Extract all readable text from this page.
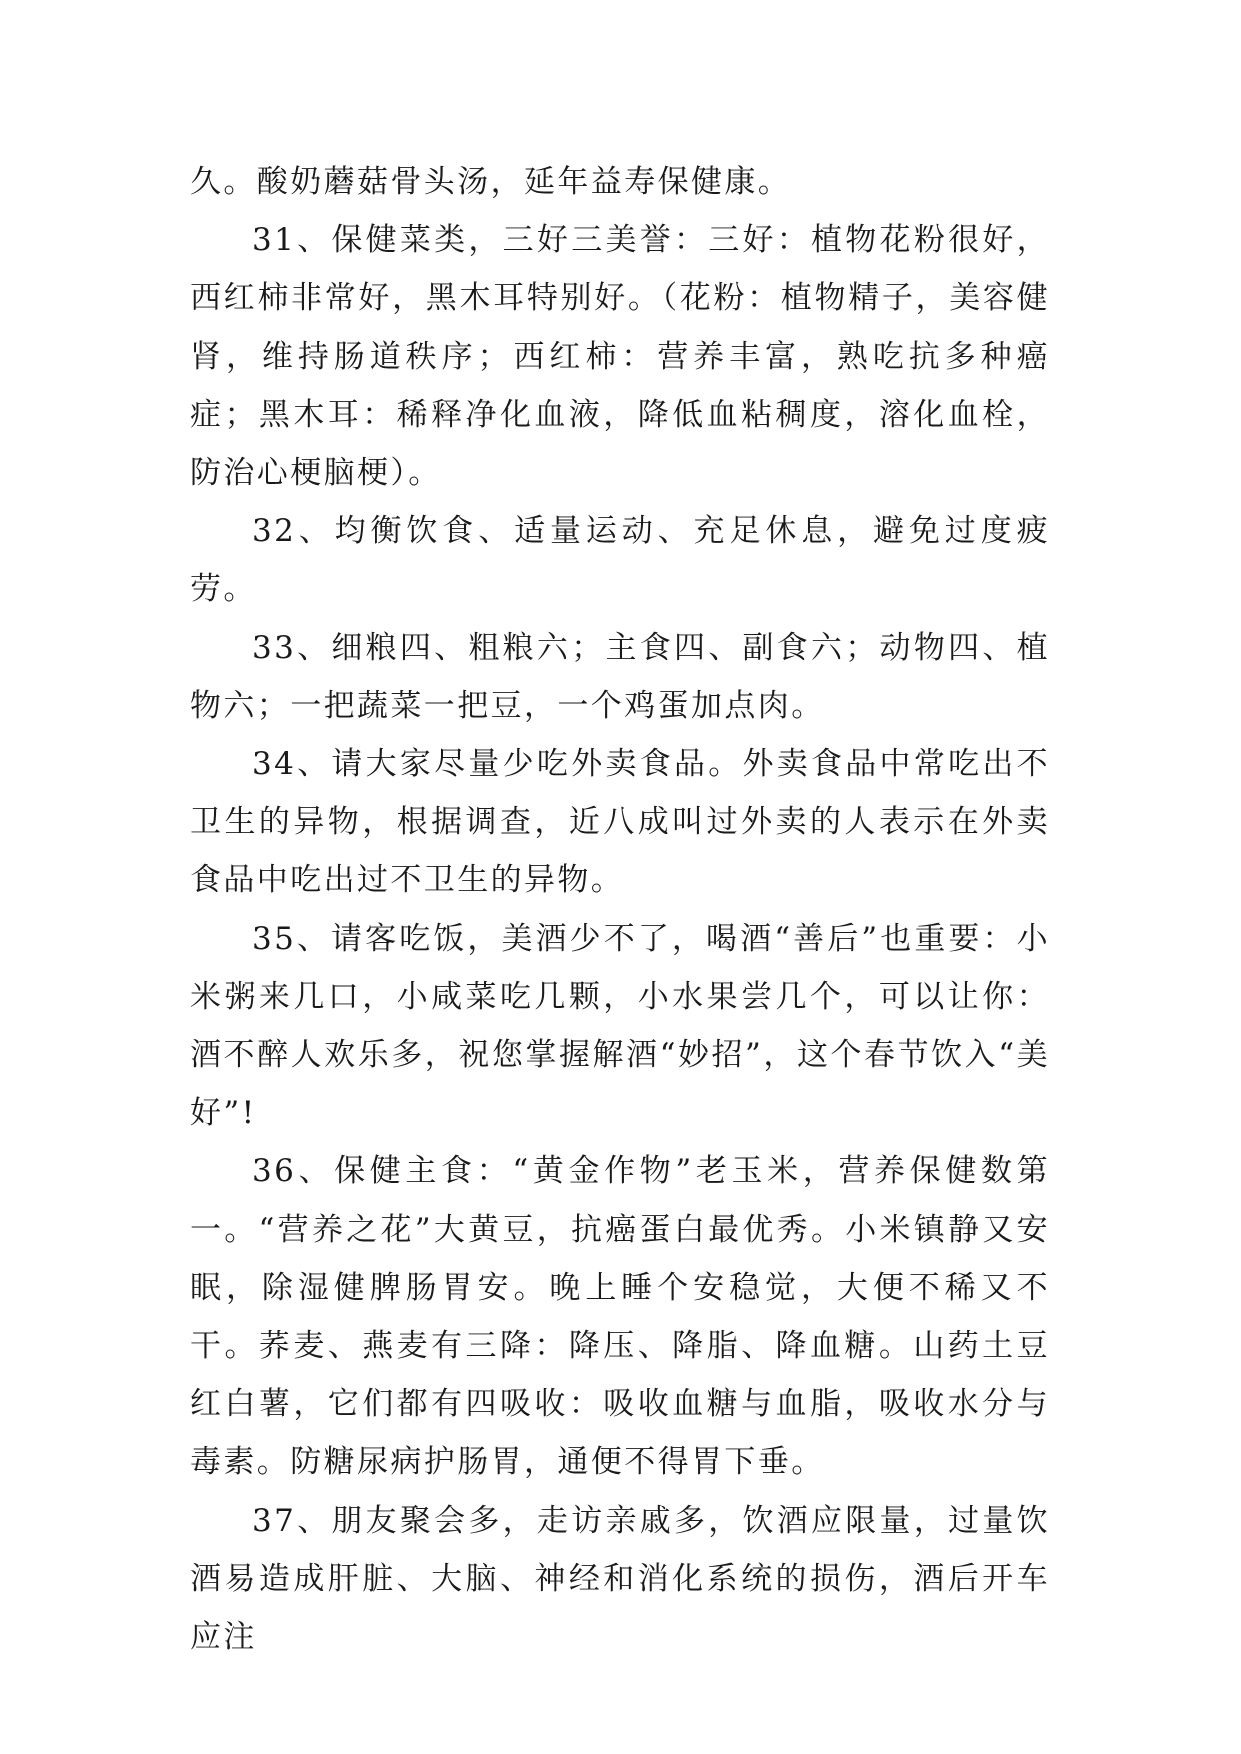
久。酸奶蘑菇骨头汤，延年益寿保健康。

31、保健菜类，三好三美誉：三好：植物花粉很好，西红柿非常好，黑木耳特别好。（花粉：植物精子，美容健肾，维持肠道秩序；西红柿：营养丰富，熟吃抗多种癌症；黑木耳：稀释净化血液，降低血粘稠度，溶化血栓，防治心梗脑梗）。

32、均衡饮食、适量运动、充足休息，避免过度疲劳。

33、细粮四、粗粮六；主食四、副食六；动物四、植物六；一把蔬菜一把豆，一个鸡蛋加点肉。

34、请大家尽量少吃外卖食品。外卖食品中常吃出不卫生的异物，根据调查，近八成叫过外卖的人表示在外卖食品中吃出过不卫生的异物。

35、请客吃饭，美酒少不了，喝酒“善后”也重要：小米粥来几口，小咸菜吃几颗，小水果尝几个，可以让你：酒不醉人欢乐多，祝您掌握解酒“妙招”，这个春节饮入“美好”!

36、保健主食：“黄金作物”老玉米，营养保健数第一。“营养之花”大黄豆，抗癌蛋白最优秀。小米镇静又安眠，除湿健脾肠胃安。晚上睡个安稳觉，大便不稀又不干。荞麦、燕麦有三降：降压、降脂、降血糖。山药土豆红白薯，它们都有四吸收：吸收血糖与血脂，吸收水分与毒素。防糖尿病护肠胃，通便不得胃下垂。

37、朋友聚会多，走访亲戚多，饮酒应限量，过量饮酒易造成肝脏、大脑、神经和消化系统的损伤，酒后开车应注
